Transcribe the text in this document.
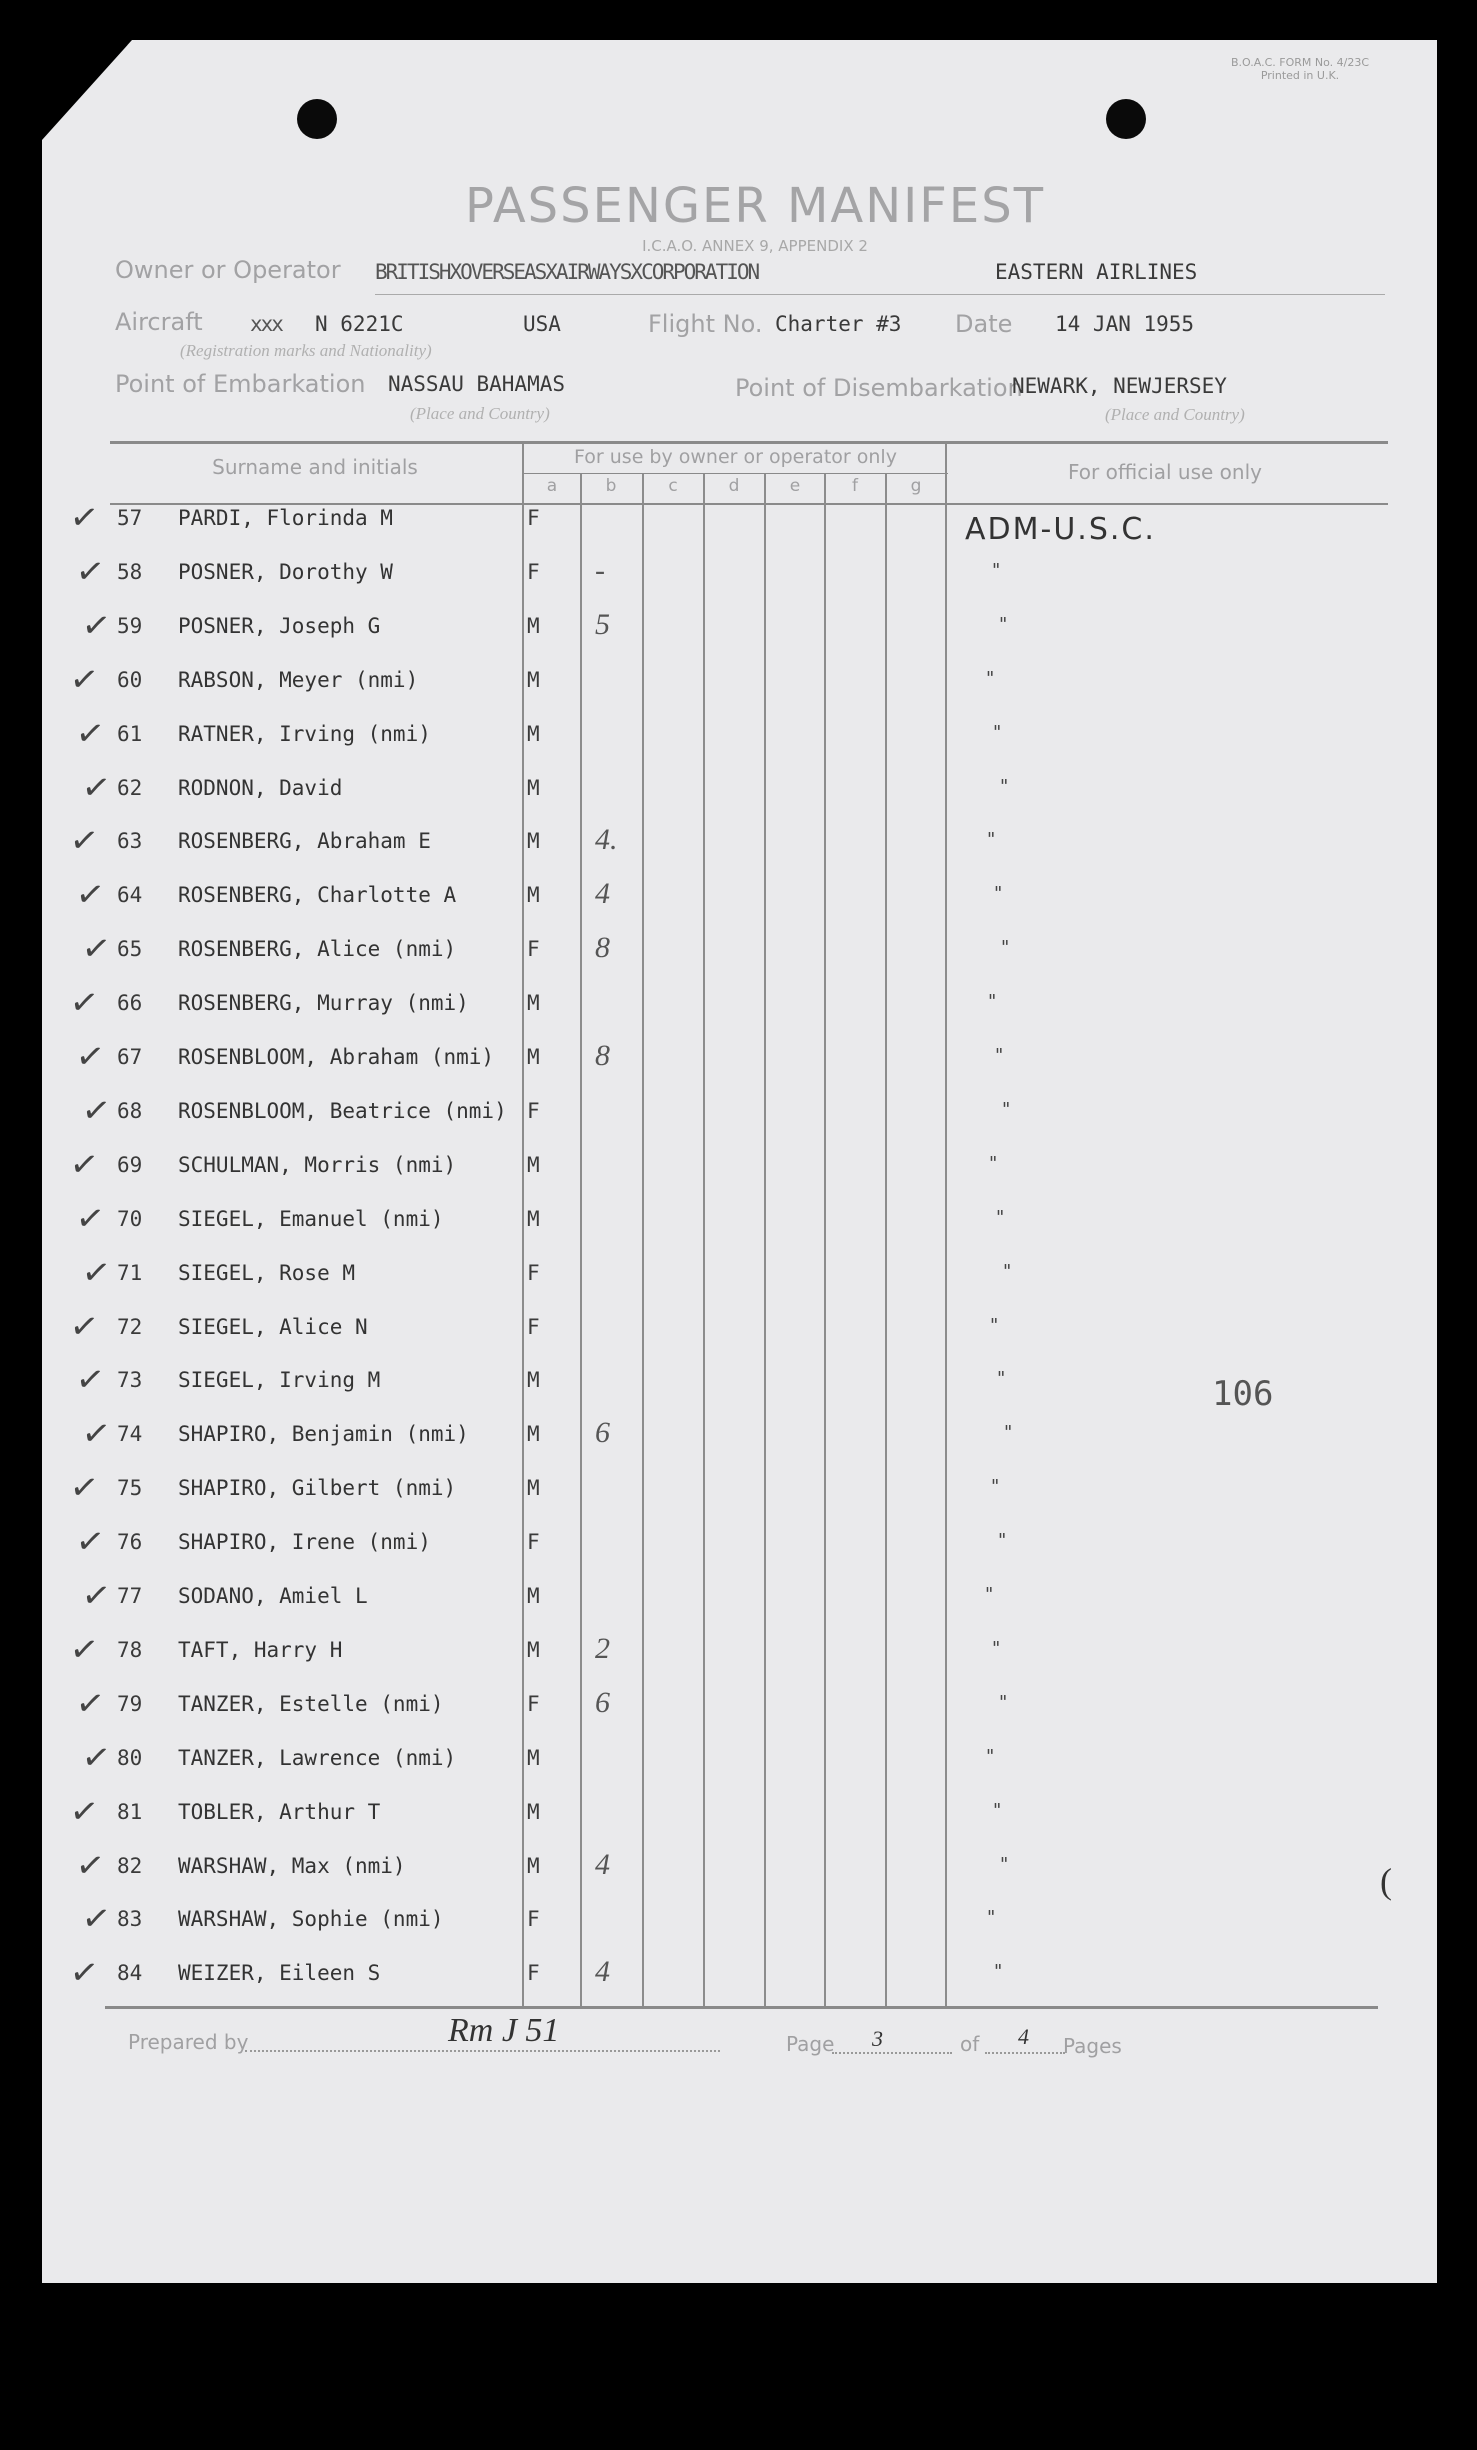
B.O.A.C. FORM No. 4/23C
Printed in U.K.
PASSENGER MANIFEST
I.C.A.O. ANNEX 9, APPENDIX 2
Owner or Operator BRITISHXOVERSEASXAIRWAYSXCORPORATION	EASTERN AIRLINES
Aircraft xxx N 6221C	USA
(Registration marks and Nationality)
Flight No. Charter #3 Date 14 JAN 1955
Point of Embarkation NASSAU BAHAMAS
(Place and Country)
Point of Disembarkation
NEWARK, NEWJERSEY
(Place and Country)
Surname and initials	For use by owner or operator only
For official use only
a	b	c	d	e	f	g
ADM-U.S.C.
106
✓ 57 PARDI, Florinda M	F
✓ 58 POSNER, Dorothy W	F -	"
✓ 59 POSNER, Joseph G	M 5	"
✓ 60 RABSON, Meyer (nmi)	M	"
✓ 61 RATNER, Irving (nmi)	M	"
✓ 62 RODNON, David	M	"
✓ 63 ROSENBERG, Abraham E	M 4.	"
✓ 64 ROSENBERG, Charlotte A	M 4	"
✓ 65 ROSENBERG, Alice (nmi)	F 8	"
✓ 66 ROSENBERG, Murray (nmi)	M	"
✓ 67 ROSENBLOOM, Abraham (nmi) M 8	"
✓ 68 ROSENBLOOM, Beatrice (nmi) F	"
✓ 69 SCHULMAN, Morris (nmi)	M	"
✓ 70 SIEGEL, Emanuel (nmi)	M	"
✓ 71 SIEGEL, Rose M	F	"
✓ 72 SIEGEL, Alice N	F	"
✓ 73 SIEGEL, Irving M	M	"
✓ 74 SHAPIRO, Benjamin (nmi)	M 6	"
✓ 75 SHAPIRO, Gilbert (nmi)	M	"
✓ 76 SHAPIRO, Irene (nmi)	F	"
✓ 77 SODANO, Amiel L	M	"
✓ 78 TAFT, Harry H	M 2	"
✓ 79 TANZER, Estelle (nmi)	F 6	"
✓ 80 TANZER, Lawrence (nmi)	M	"
✓ 81 TOBLER, Arthur T	M	"
✓ 82 WARSHAW, Max (nmi)	M 4	"
✓ 83 WARSHAW, Sophie (nmi)	F	"
✓ 84 WEIZER, Eileen S	F 4	"
Prepared by	Rm J 51	Page 3	of 4 Pages
(
